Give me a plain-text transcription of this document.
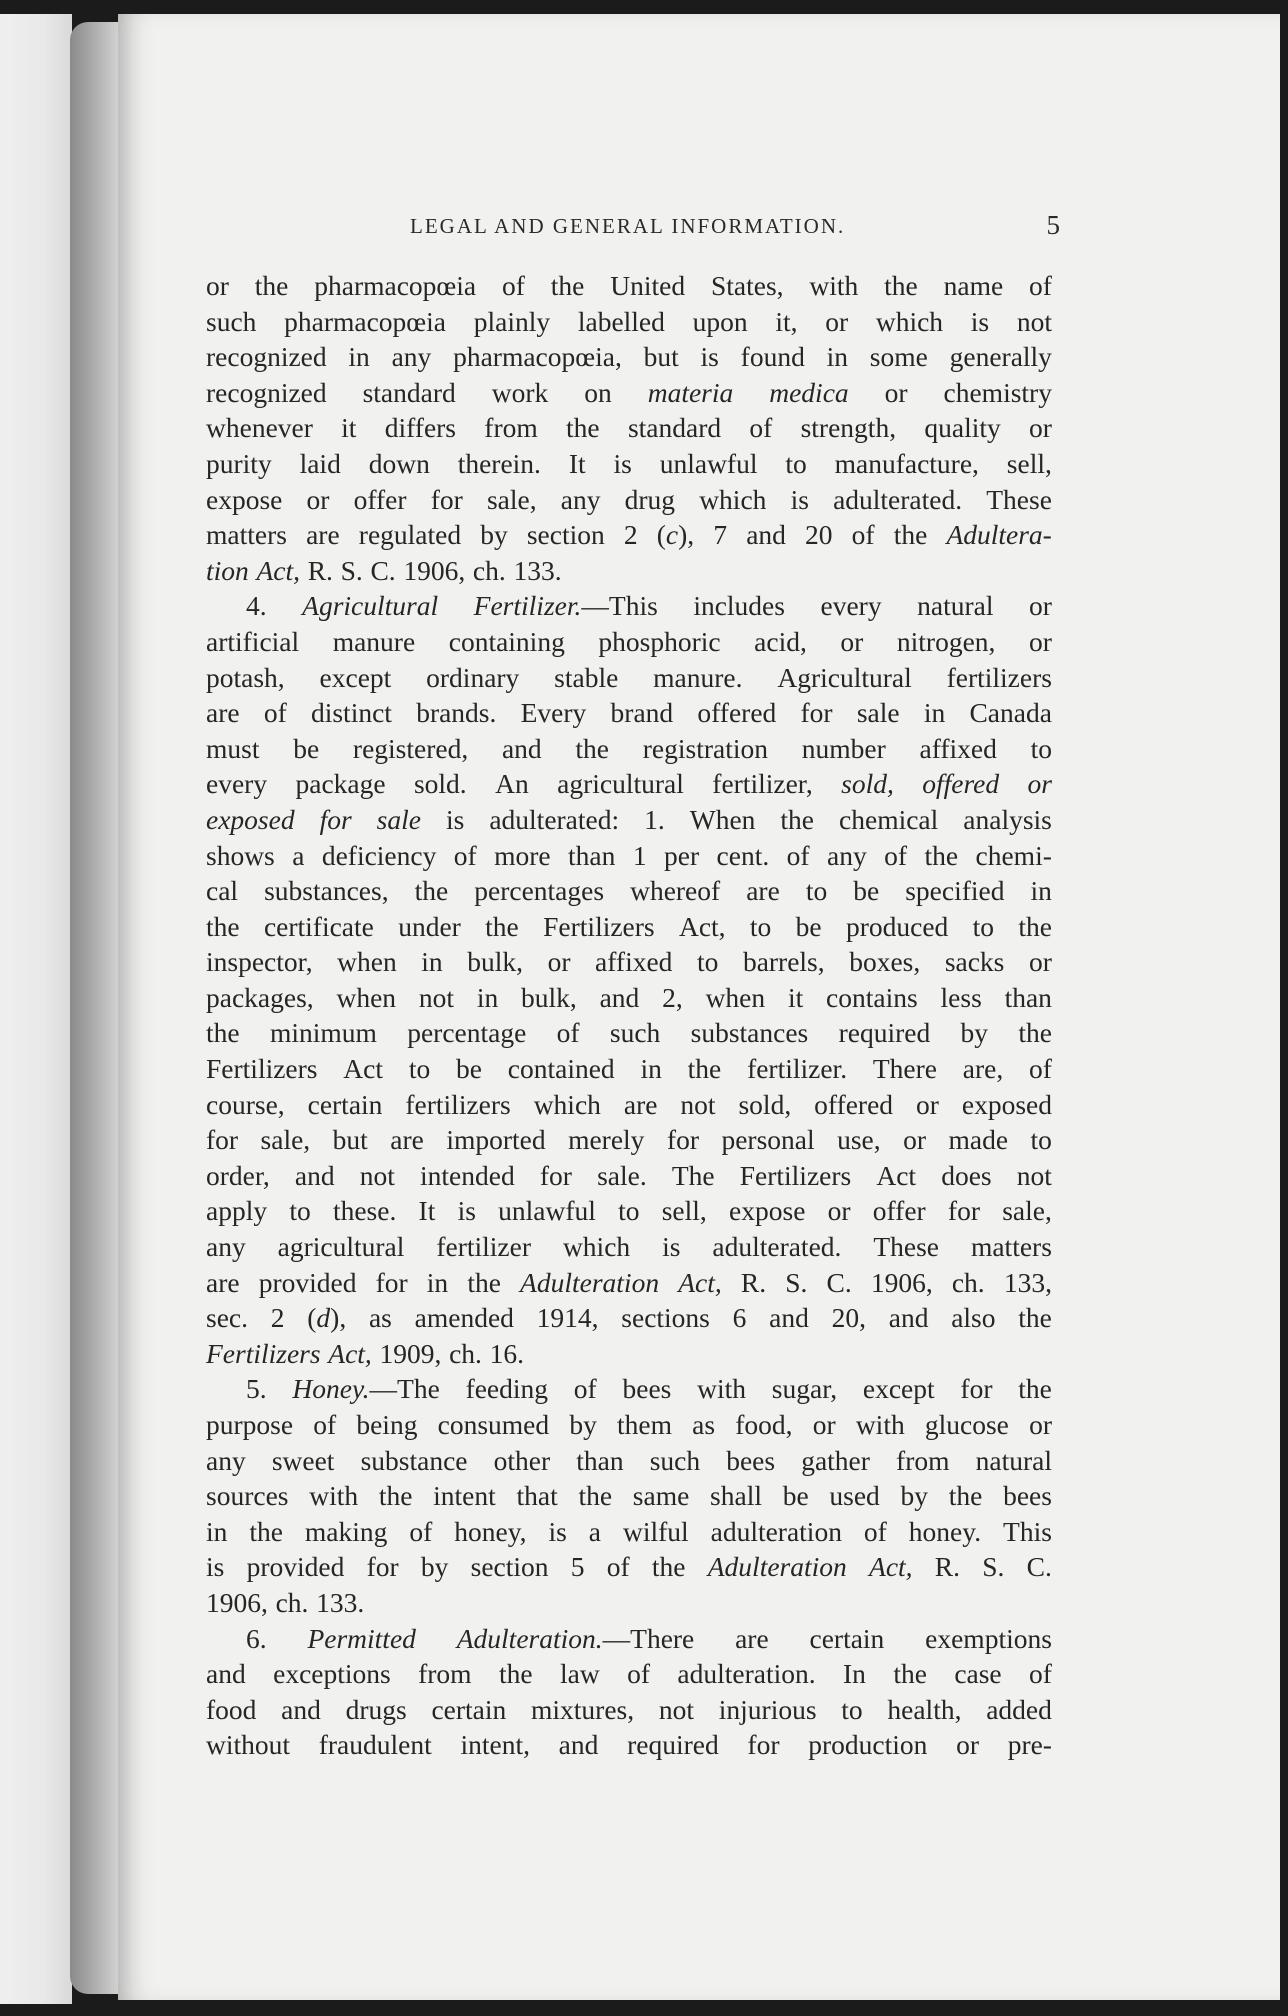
LEGAL AND GENERAL INFORMATION.	5
or the pharmacopœia of the United States, with the name of
such pharmacopœia plainly labelled upon it, or which is not
recognized in any pharmacopœia, but is found in some generally
recognized standard work on materia medica or chemistry
whenever it differs from the standard of strength, quality or
purity laid down therein. It is unlawful to manufacture, sell,
expose or offer for sale, any drug which is adulterated. These
matters are regulated by section 2 (c), 7 and 20 of the Adultera-
tion Act, R. S. C. 1906, ch. 133.
4. Agricultural Fertilizer.—This includes every natural or
artificial manure containing phosphoric acid, or nitrogen, or
potash, except ordinary stable manure. Agricultural fertilizers
are of distinct brands. Every brand offered for sale in Canada
must be registered, and the registration number affixed to
every package sold. An agricultural fertilizer, sold, offered or
exposed for sale is adulterated: 1. When the chemical analysis
shows a deficiency of more than 1 per cent. of any of the chemi-
cal substances, the percentages whereof are to be specified in
the certificate under the Fertilizers Act, to be produced to the
inspector, when in bulk, or affixed to barrels, boxes, sacks or
packages, when not in bulk, and 2, when it contains less than
the minimum percentage of such substances required by the
Fertilizers Act to be contained in the fertilizer. There are, of
course, certain fertilizers which are not sold, offered or exposed
for sale, but are imported merely for personal use, or made to
order, and not intended for sale. The Fertilizers Act does not
apply to these. It is unlawful to sell, expose or offer for sale,
any agricultural fertilizer which is adulterated. These matters
are provided for in the Adulteration Act, R. S. C. 1906, ch. 133,
sec. 2 (d), as amended 1914, sections 6 and 20, and also the
Fertilizers Act, 1909, ch. 16.
5. Honey.—The feeding of bees with sugar, except for the
purpose of being consumed by them as food, or with glucose or
any sweet substance other than such bees gather from natural
sources with the intent that the same shall be used by the bees
in the making of honey, is a wilful adulteration of honey. This
is provided for by section 5 of the Adulteration Act, R. S. C.
1906, ch. 133.
6. Permitted Adulteration.—There are certain exemptions
and exceptions from the law of adulteration. In the case of
food and drugs certain mixtures, not injurious to health, added
without fraudulent intent, and required for production or pre-
